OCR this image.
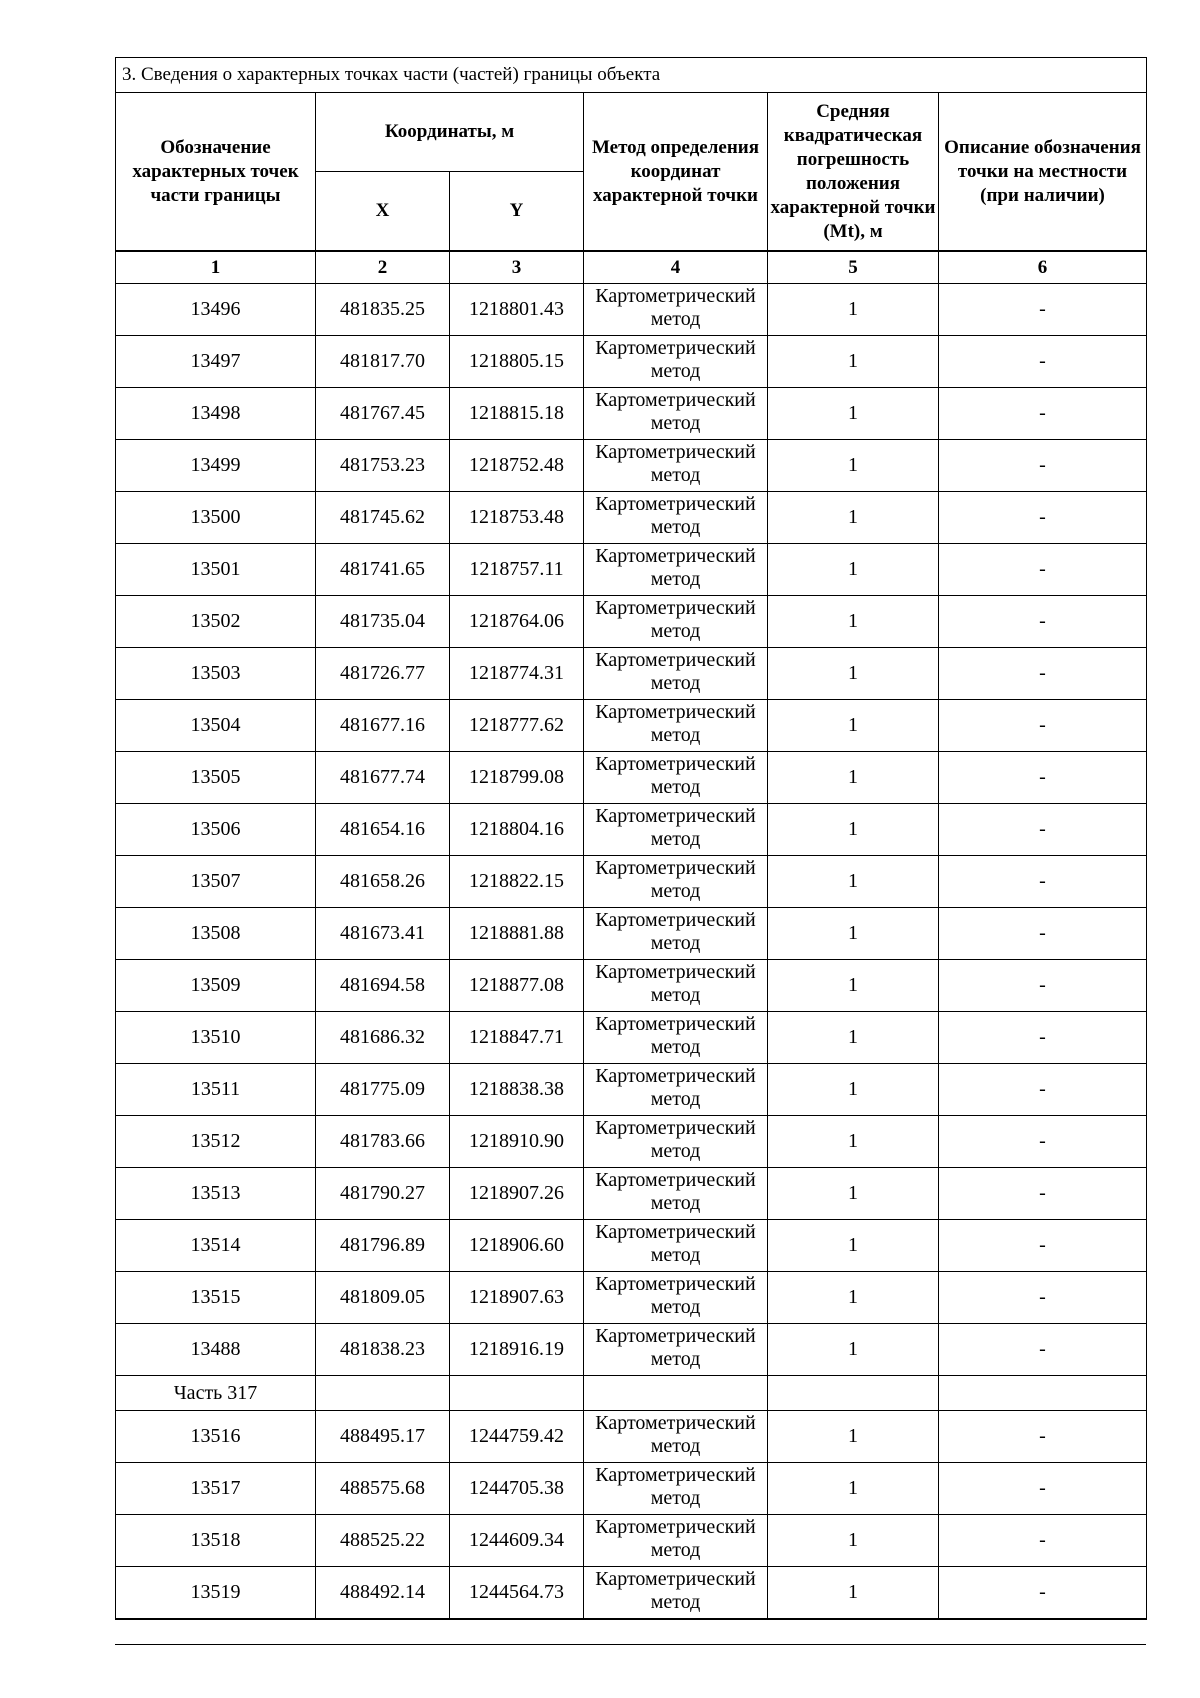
3. Сведения о характерных точках части (частей) границы объекта					
Обозначение характерных точек части границы	Координаты, м		Метод определения координат характерной точки	Средняя квадратическая погрешность положения характерной точки (Mt), м	Описание обозначения точки на местности (при наличии)
	X	Y			
1	2	3	4	5	6
13496	481835.25	1218801.43	Картометрический метод	1	-
13497	481817.70	1218805.15	Картометрический метод	1	-
13498	481767.45	1218815.18	Картометрический метод	1	-
13499	481753.23	1218752.48	Картометрический метод	1	-
13500	481745.62	1218753.48	Картометрический метод	1	-
13501	481741.65	1218757.11	Картометрический метод	1	-
13502	481735.04	1218764.06	Картометрический метод	1	-
13503	481726.77	1218774.31	Картометрический метод	1	-
13504	481677.16	1218777.62	Картометрический метод	1	-
13505	481677.74	1218799.08	Картометрический метод	1	-
13506	481654.16	1218804.16	Картометрический метод	1	-
13507	481658.26	1218822.15	Картометрический метод	1	-
13508	481673.41	1218881.88	Картометрический метод	1	-
13509	481694.58	1218877.08	Картометрический метод	1	-
13510	481686.32	1218847.71	Картометрический метод	1	-
13511	481775.09	1218838.38	Картометрический метод	1	-
13512	481783.66	1218910.90	Картометрический метод	1	-
13513	481790.27	1218907.26	Картометрический метод	1	-
13514	481796.89	1218906.60	Картометрический метод	1	-
13515	481809.05	1218907.63	Картометрический метод	1	-
13488	481838.23	1218916.19	Картометрический метод	1	-
Часть 317					
13516	488495.17	1244759.42	Картометрический метод	1	-
13517	488575.68	1244705.38	Картометрический метод	1	-
13518	488525.22	1244609.34	Картометрический метод	1	-
13519	488492.14	1244564.73	Картометрический метод	1	-
